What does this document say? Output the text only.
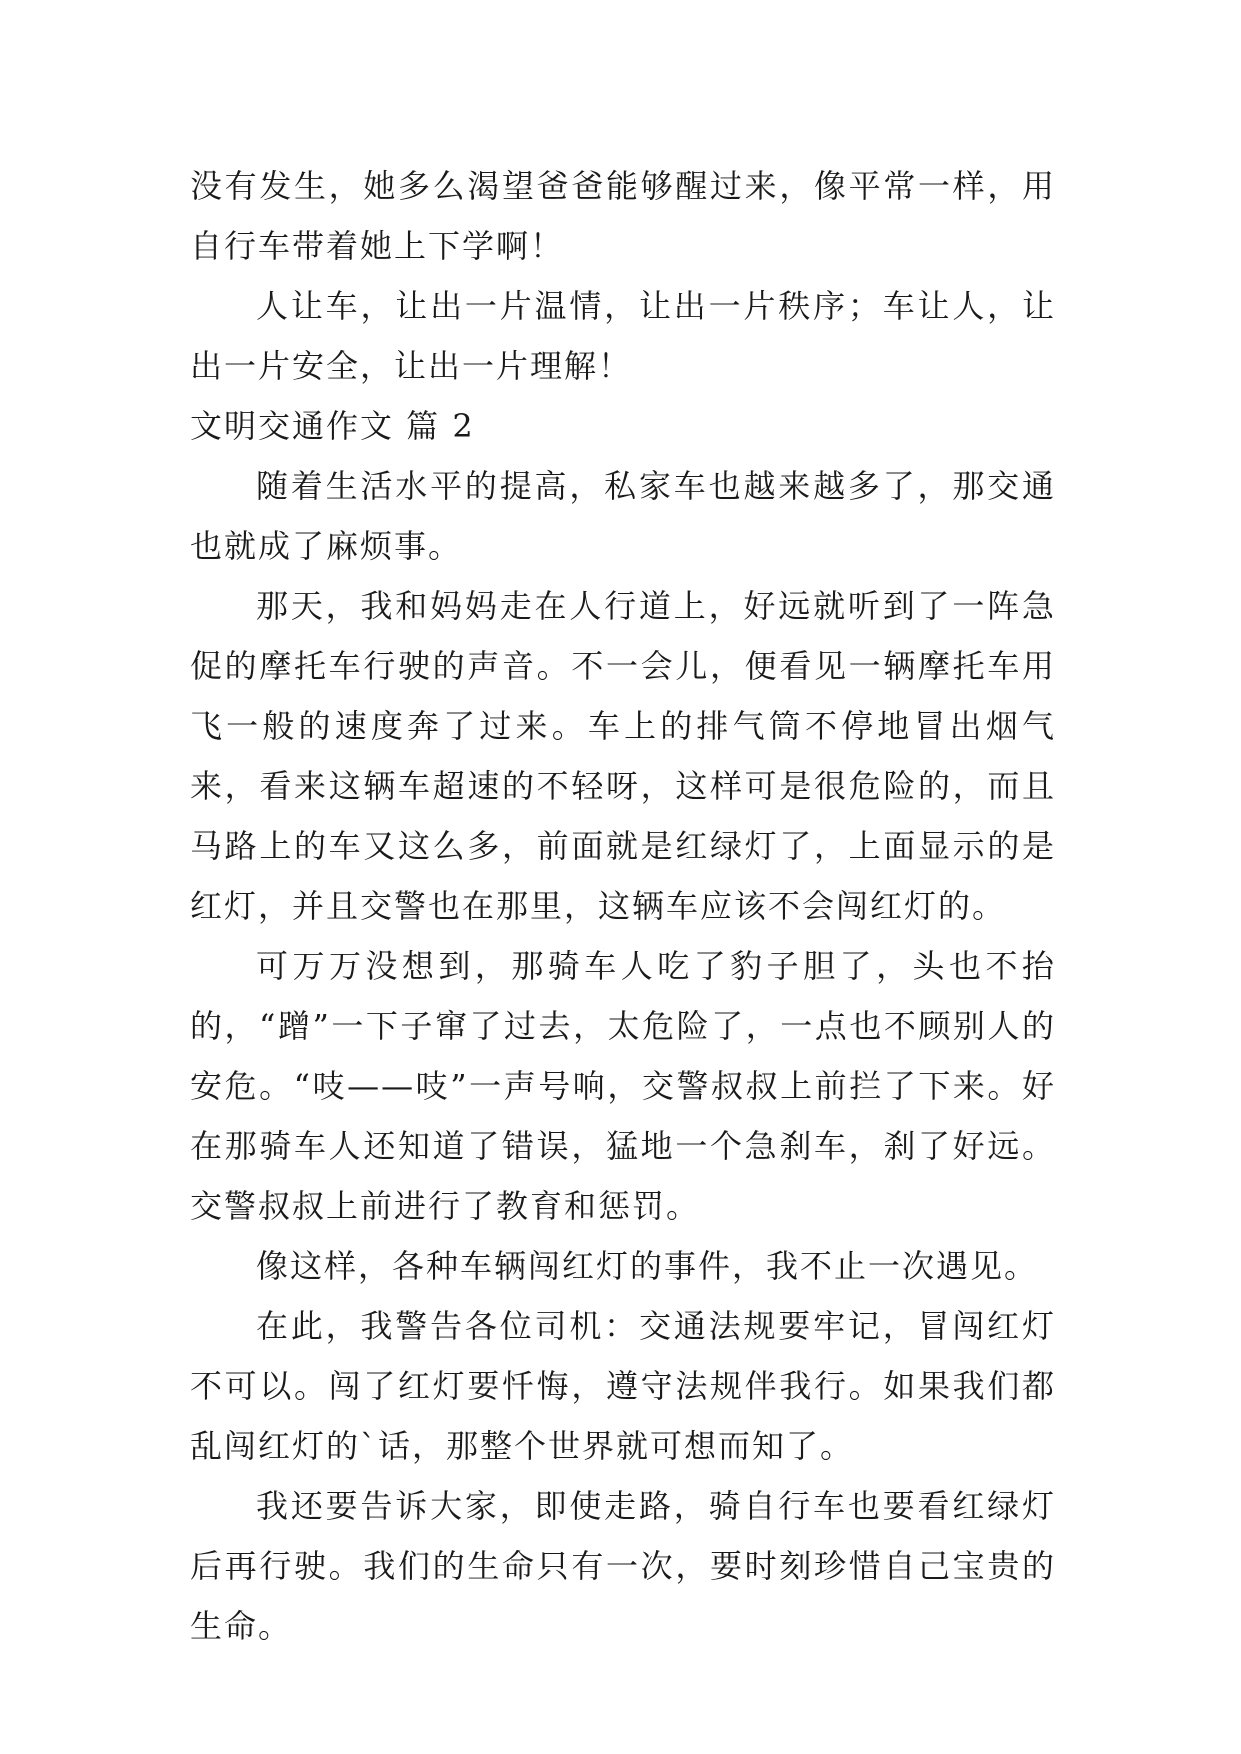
没有发生，她多么渴望爸爸能够醒过来，像平常一样，用自行车带着她上下学啊！

人让车，让出一片温情，让出一片秩序；车让人，让出一片安全，让出一片理解！

文明交通作文 篇 2

随着生活水平的提高，私家车也越来越多了，那交通也就成了麻烦事。

那天，我和妈妈走在人行道上，好远就听到了一阵急促的摩托车行驶的声音。不一会儿，便看见一辆摩托车用飞一般的速度奔了过来。车上的排气筒不停地冒出烟气来，看来这辆车超速的不轻呀，这样可是很危险的，而且马路上的车又这么多，前面就是红绿灯了，上面显示的是红灯，并且交警也在那里，这辆车应该不会闯红灯的。

可万万没想到，那骑车人吃了豹子胆了，头也不抬的，“蹭”一下子窜了过去，太危险了，一点也不顾别人的安危。“吱——吱”一声号响，交警叔叔上前拦了下来。好在那骑车人还知道了错误，猛地一个急刹车，刹了好远。交警叔叔上前进行了教育和惩罚。

像这样，各种车辆闯红灯的事件，我不止一次遇见。

在此，我警告各位司机：交通法规要牢记，冒闯红灯不可以。闯了红灯要忏悔，遵守法规伴我行。如果我们都乱闯红灯的`话，那整个世界就可想而知了。

我还要告诉大家，即使走路，骑自行车也要看红绿灯后再行驶。我们的生命只有一次，要时刻珍惜自己宝贵的生命。
